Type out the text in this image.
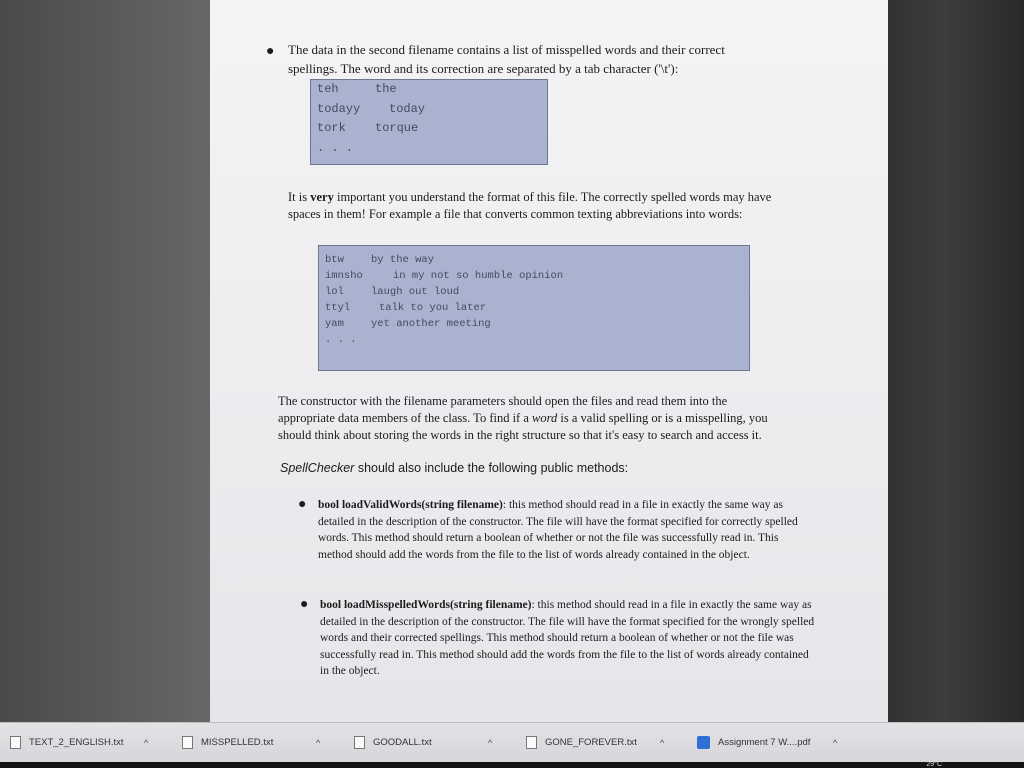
● The data in the second filename contains a list of misspelled words and their correct
spellings. The word and its correction are separated by a tab character ('\t'):
teh	the
todayy today
tork torque
. . .
It is very important you understand the format of this file. The correctly spelled words may have
spaces in them! For example a file that converts common texting abbreviations into words:
btw	by the way
imnsho	in my not so humble opinion
lol	laugh out loud
ttyl	talk to you later
yam	yet another meeting
. . .
The constructor with the filename parameters should open the files and read them into the
appropriate data members of the class. To find if a word is a valid spelling or is a misspelling, you
should think about storing the words in the right structure so that it's easy to search and access it.
SpellChecker should also include the following public methods:
● bool loadValidWords(string filename): this method should read in a file in exactly the same way as detailed in the description of the constructor. The file will have the format specified for correctly spelled words. This method should return a boolean of whether or not the file was successfully read in. This method should add the words from the file to the list of words already contained in the object.
● bool loadMisspelledWords(string filename): this method should read in a file in exactly the same way as detailed in the description of the constructor. The file will have the format specified for the wrongly spelled words and their corrected spellings. This method should return a boolean of whether or not the file was successfully read in. This method should add the words from the file to the list of words already contained in the object.
TEXT_2_ENGLISH.txt ^	MISSPELLED.txt	^	GOODALL.txt	^	GONE_FOREVER.txt	^	Assignment 7 W....pdf	^
29°C
